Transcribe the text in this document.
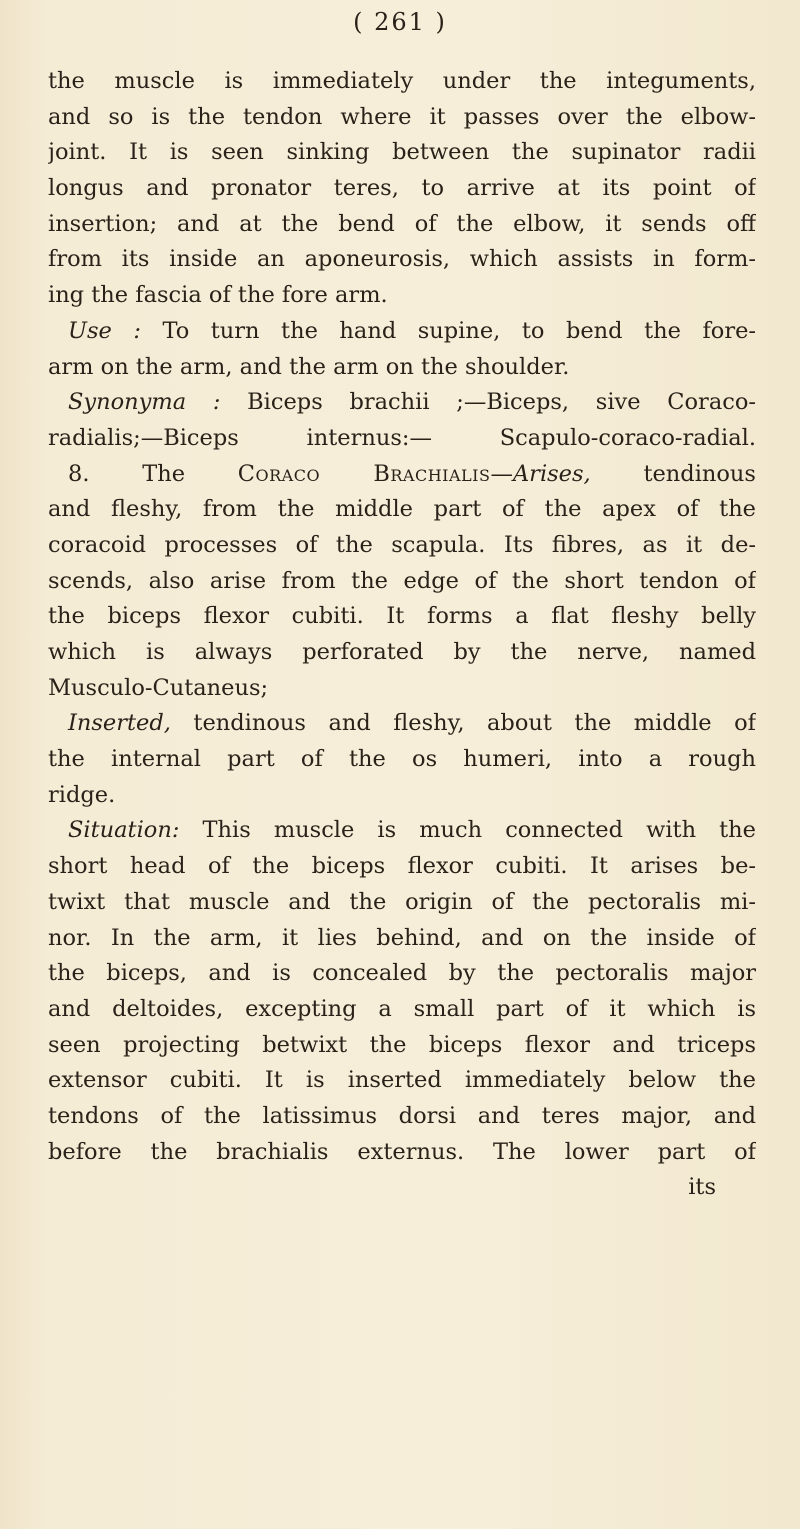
( 261 )
the muscle is immediately under the integuments,
and so is the tendon where it passes over the elbow-
joint. It is seen sinking between the supinator radii
longus and pronator teres, to arrive at its point of
insertion; and at the bend of the elbow, it sends off
from its inside an aponeurosis, which assists in form-
ing the fascia of the fore arm.
Use : To turn the hand supine, to bend the fore-
arm on the arm, and the arm on the shoulder.
Synonyma : Biceps brachii ;—Biceps, sive Coraco-
radialis;—Biceps internus:— Scapulo-coraco-radial.
8. The Coraco Brachialis—Arises, tendinous
and fleshy, from the middle part of the apex of the
coracoid processes of the scapula. Its fibres, as it de-
scends, also arise from the edge of the short tendon of
the biceps flexor cubiti. It forms a flat fleshy belly
which is always perforated by the nerve, named
Musculo-Cutaneus;
Inserted, tendinous and fleshy, about the middle of
the internal part of the os humeri, into a rough
ridge.
Situation: This muscle is much connected with the
short head of the biceps flexor cubiti. It arises be-
twixt that muscle and the origin of the pectoralis mi-
nor. In the arm, it lies behind, and on the inside of
the biceps, and is concealed by the pectoralis major
and deltoides, excepting a small part of it which is
seen projecting betwixt the biceps flexor and triceps
extensor cubiti. It is inserted immediately below the
tendons of the latissimus dorsi and teres major, and
before the brachialis externus. The lower part of
its
